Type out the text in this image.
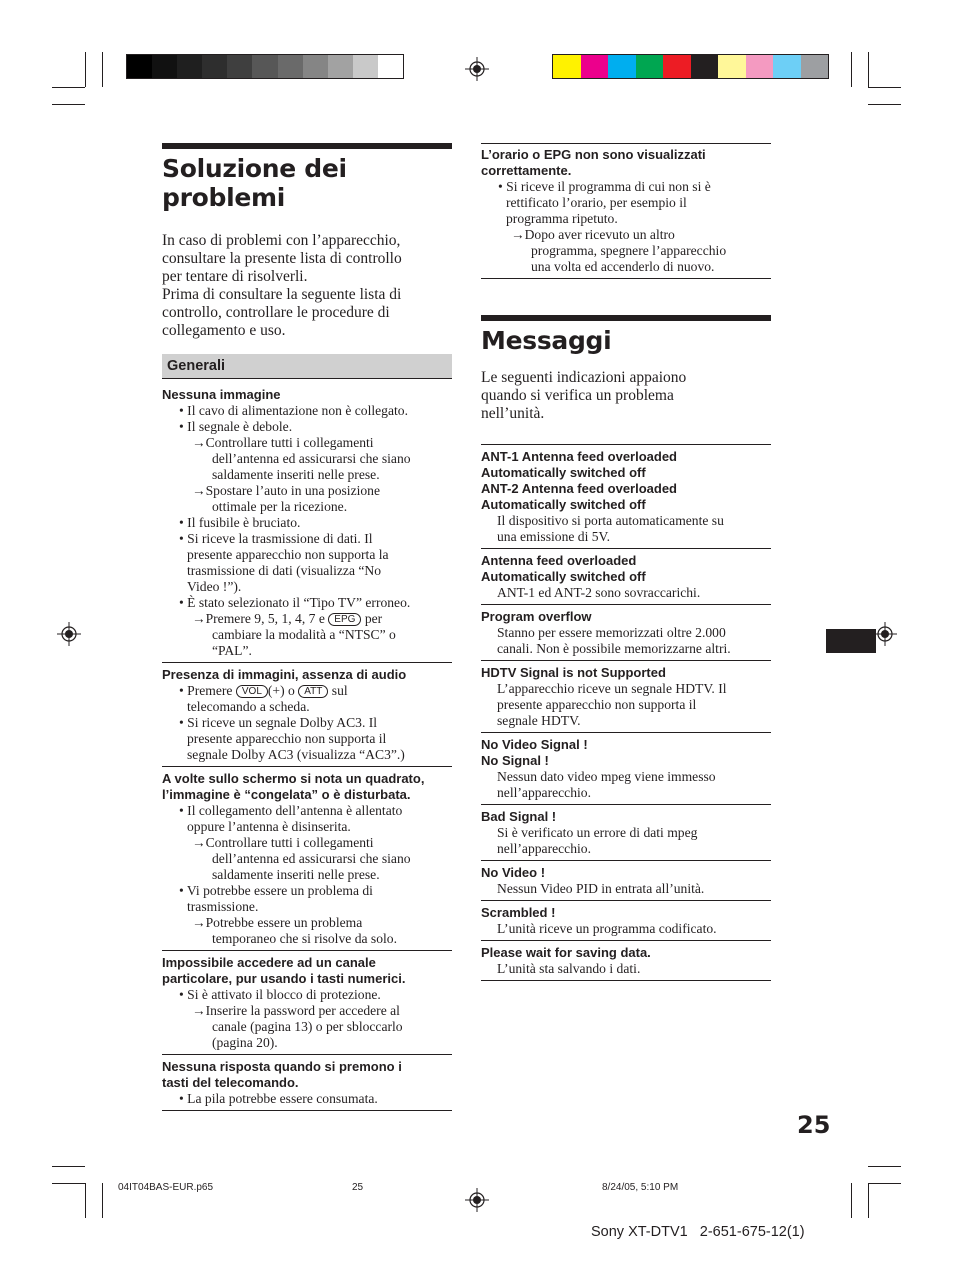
Soluzione dei problemi

In caso di problemi con l’apparecchio,

consultare la presente lista di controllo

per tentare di risolverli.

Prima di consultare la seguente lista di

controllo, controllare le procedure di

collegamento e uso.

Generali
Nessuna immagine
• Il cavo di alimentazione non è collegato.
• Il segnale è debole.
→ Controllare tutti i collegamenti
dell’antenna ed assicurarsi che siano
saldamente inseriti nelle prese.
→ Spostare l’auto in una posizione
ottimale per la ricezione.
• Il fusibile è bruciato.
• Si riceve la trasmissione di dati. Il
presente apparecchio non supporta la
trasmissione di dati (visualizza “No
Video !”).
• È stato selezionato il “Tipo TV” erroneo.
→ Premere 9, 5, 1, 4, 7 e EPG per
cambiare la modalità a “NTSC” o
“PAL”.
Presenza di immagini, assenza di audio
• Premere VOL (+) o ATT sul
telecomando a scheda.
• Si riceve un segnale Dolby AC3. Il
presente apparecchio non supporta il
segnale Dolby AC3 (visualizza “AC3”.)
A volte sullo schermo si nota un quadrato,
l’immagine è “congelata” o è disturbata.
• Il collegamento dell’antenna è allentato
oppure l’antenna è disinserita.
→ Controllare tutti i collegamenti
dell’antenna ed assicurarsi che siano
saldamente inseriti nelle prese.
• Vi potrebbe essere un problema di
trasmissione.
→ Potrebbe essere un problema
temporaneo che si risolve da solo.
Impossibile accedere ad un canale
particolare, pur usando i tasti numerici.
• Si è attivato il blocco di protezione.
→ Inserire la password per accedere al
canale (pagina 13) o per sbloccarlo
(pagina 20).
Nessuna risposta quando si premono i
tasti del telecomando.
• La pila potrebbe essere consumata.
L’orario o EPG non sono visualizzati
correttamente.
• Si riceve il programma di cui non si è
rettificato l’orario, per esempio il
programma ripetuto.
→ Dopo aver ricevuto un altro
programma, spegnere l’apparecchio
una volta ed accenderlo di nuovo.
Messaggi

Le seguenti indicazioni appaiono

quando si verifica un problema

nell’unità.

ANT-1 Antenna feed overloaded
Automatically switched off
ANT-2 Antenna feed overloaded
Automatically switched off
Il dispositivo si porta automaticamente su
una emissione di 5V.
Antenna feed overloaded
Automatically switched off
ANT-1 ed ANT-2 sono sovraccarichi.
Program overflow
Stanno per essere memorizzati oltre 2.000
canali. Non è possibile memorizzarne altri.
HDTV Signal is not Supported
L’apparecchio riceve un segnale HDTV. Il
presente apparecchio non supporta il
segnale HDTV.
No Video Signal !
No Signal !
Nessun dato video mpeg viene immesso
nell’apparecchio.
Bad Signal !
Si è verificato un errore di dati mpeg
nell’apparecchio.
No Video !
Nessun Video PID in entrata all’unità.
Scrambled !
L’unità riceve un programma codificato.
Please wait for saving data.
L’unità sta salvando i dati.
25
04IT04BAS-EUR.p65	25	8/24/05, 5:10 PM
Sony XT-DTV1   2-651-675-12(1)
